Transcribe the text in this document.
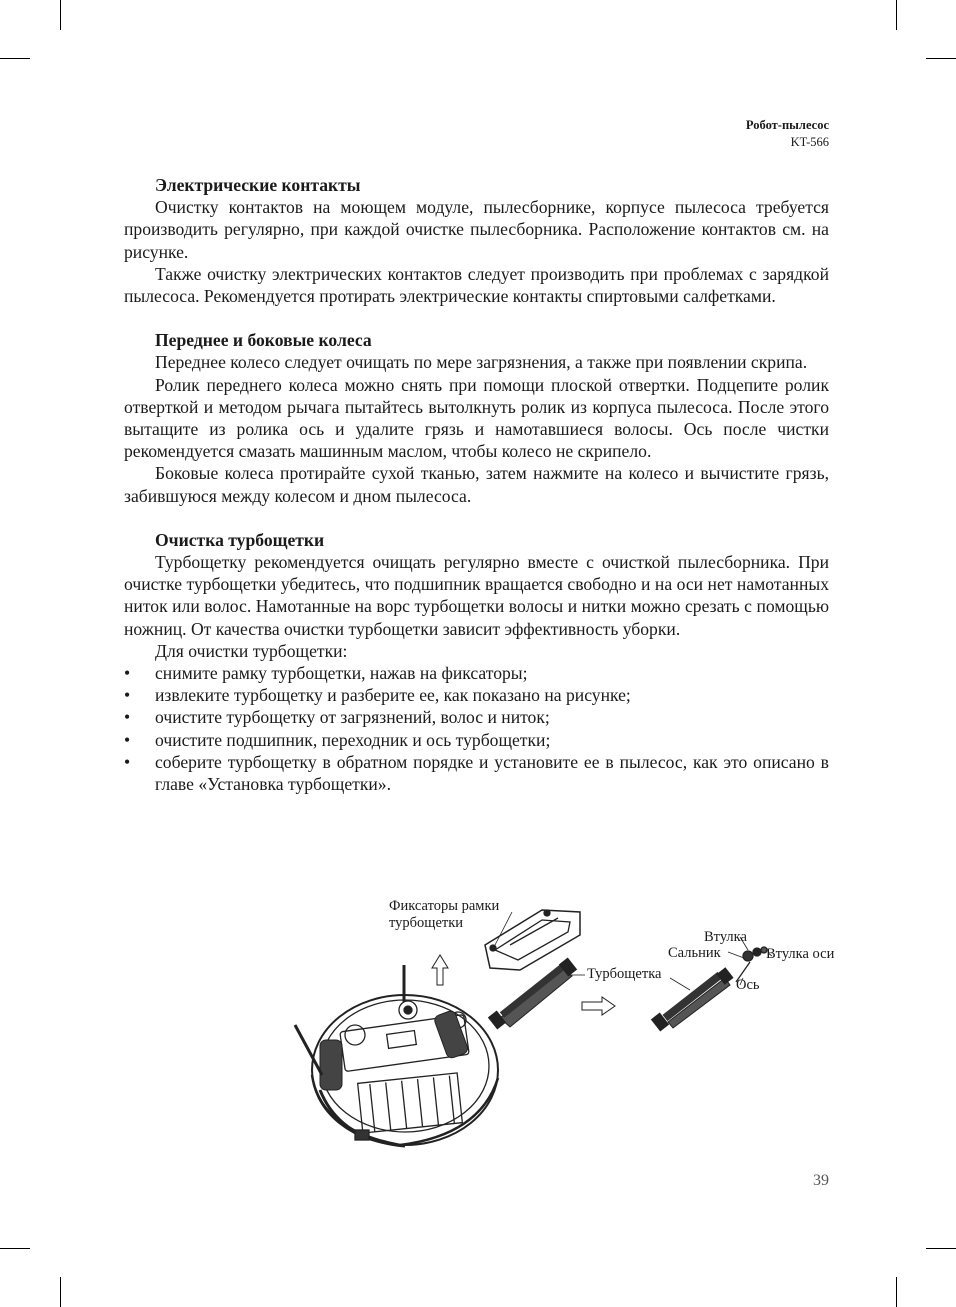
Робот-пылесос
KT-566
Электрические контакты

Очистку контактов на моющем модуле, пылесборнике, корпусе пылесоса требуется производить регулярно, при каждой очистке пылесборника. Расположение контактов см. на рисунке.

Также очистку электрических контактов следует производить при проблемах с зарядкой пылесоса. Рекомендуется протирать электрические контакты спиртовыми салфетками.

Переднее и боковые колеса

Переднее колесо следует очищать по мере загрязнения, а также при появлении скрипа.

Ролик переднего колеса можно снять при помощи плоской отвертки. Подцепите ролик отверткой и методом рычага пытайтесь вытолкнуть ролик из корпуса пылесоса. После этого вытащите из ролика ось и удалите грязь и намотавшиеся волосы. Ось после чистки рекомендуется смазать машинным маслом, чтобы колесо не скрипело.

Боковые колеса протирайте сухой тканью, затем нажмите на колесо и вычистите грязь, забившуюся между колесом и дном пылесоса.

Очистка турбощетки

Турбощетку рекомендуется очищать регулярно вместе с очисткой пылесборника. При очистке турбощетки убедитесь, что подшипник вращается свободно и на оси нет намотанных ниток или волос. Намотанные на ворс турбощетки волосы и нитки можно срезать с помощью ножниц. От качества очистки турбощетки зависит эффективность уборки.

Для очистки турбощетки:

• снимите рамку турбощетки, нажав на фиксаторы;
• извлеките турбощетку и разберите ее, как показано на рисунке;
• очистите турбощетку от загрязнений, волос и ниток;
• очистите подшипник, переходник и ось турбощетки;
• соберите турбощетку в обратном порядке и установите ее в пылесос, как это описано в главе «Установка турбощетки».
Фиксаторы рамки
турбощетки
Турбощетка
Втулка
Сальник	Втулка оси
Ось
39
